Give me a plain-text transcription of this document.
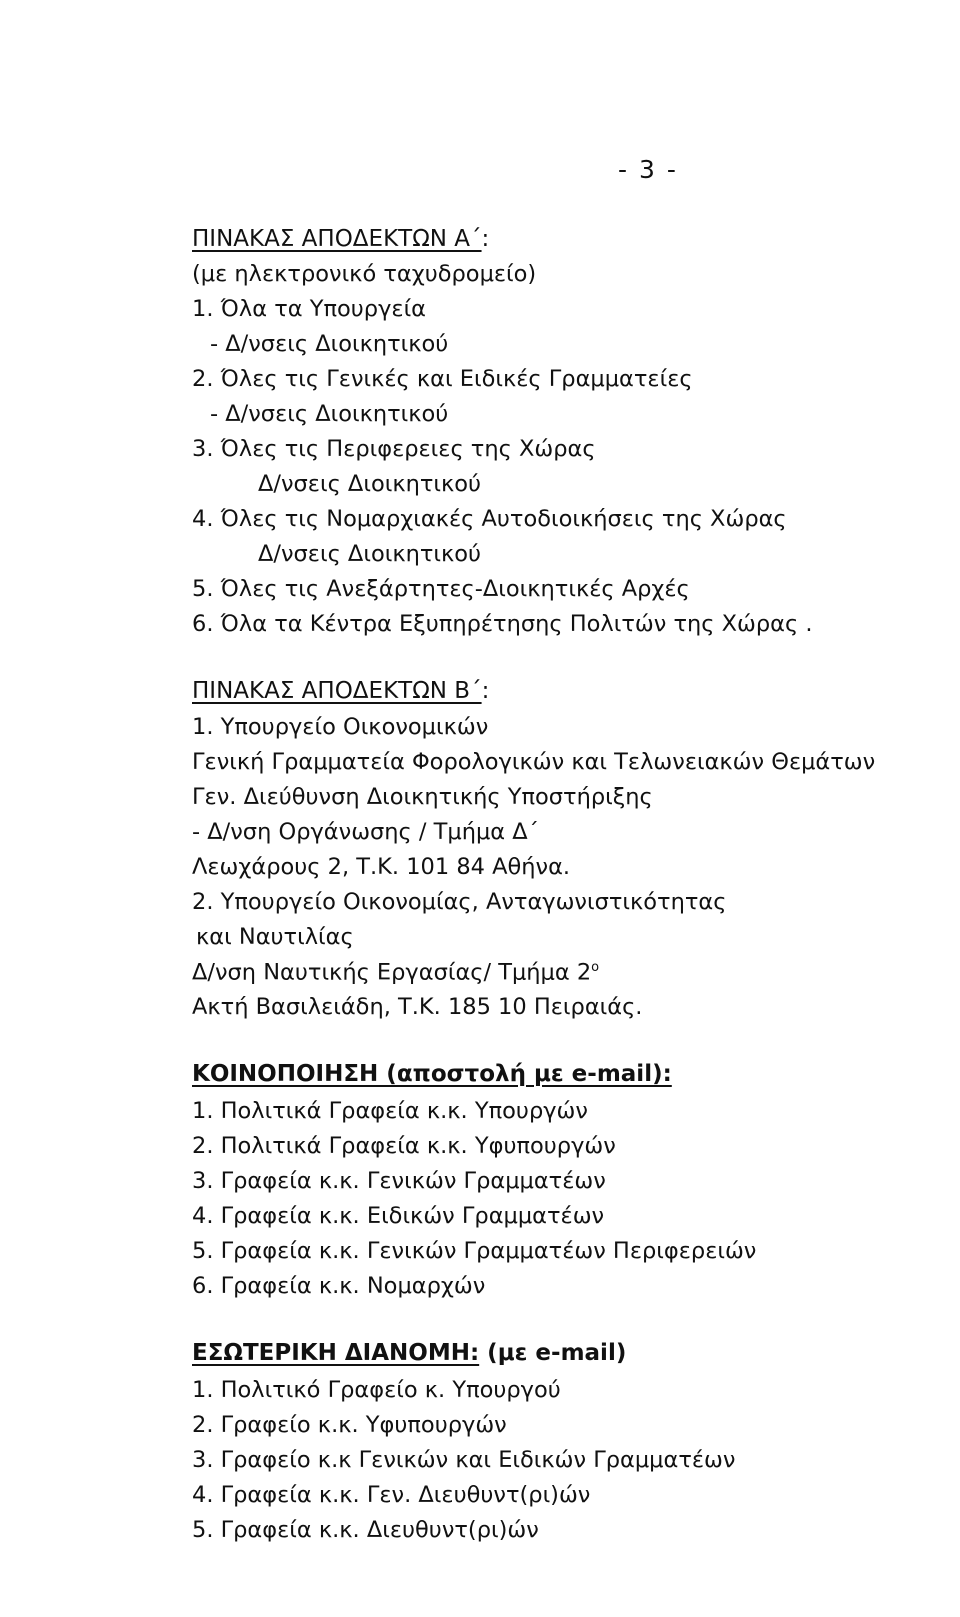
- 3 -
ΠΙΝΑΚΑΣ ΑΠΟΔΕΚΤΩΝ Α΄:
(με ηλεκτρονικό ταχυδρομείο)
1. Όλα τα Υπουργεία
- Δ/νσεις Διοικητικού
2. Όλες τις Γενικές και Ειδικές Γραμματείες
- Δ/νσεις Διοικητικού
3. Όλες τις Περιφερειες της Χώρας
Δ/νσεις Διοικητικού
4. Όλες τις Νομαρχιακές Αυτοδιοικήσεις της Χώρας
Δ/νσεις Διοικητικού
5. Όλες τις Ανεξάρτητες-Διοικητικές Αρχές
6. Όλα τα Κέντρα Εξυπηρέτησης Πολιτών της Χώρας .
ΠΙΝΑΚΑΣ ΑΠΟΔΕΚΤΩΝ Β΄:
1. Υπουργείο Οικονομικών
Γενική Γραμματεία Φορολογικών και Τελωνειακών Θεμάτων
Γεν. Διεύθυνση Διοικητικής Υποστήριξης
- Δ/νση Οργάνωσης / Τμήμα Δ΄
Λεωχάρους 2, Τ.Κ. 101 84 Αθήνα.
2. Υπουργείο Οικονομίας, Ανταγωνιστικότητας
και Ναυτιλίας
Δ/νση Ναυτικής Εργασίας/ Τμήμα $2^o$
Ακτή Βασιλειάδη, Τ.Κ. 185 10 Πειραιάς.
ΚΟΙΝΟΠΟΙΗΣΗ (αποστολή με e-mail):
1. Πολιτικά Γραφεία κ.κ. Υπουργών
2. Πολιτικά Γραφεία κ.κ. Υφυπουργών
3. Γραφεία κ.κ. Γενικών Γραμματέων
4. Γραφεία κ.κ. Ειδικών Γραμματέων
5. Γραφεία κ.κ. Γενικών Γραμματέων Περιφερειών
6. Γραφεία κ.κ. Νομαρχών
ΕΣΩΤΕΡΙΚΗ ΔΙΑΝΟΜΗ: (με e-mail)
1. Πολιτικό Γραφείο κ. Υπουργού
2. Γραφείο κ.κ. Υφυπουργών
3. Γραφείο κ.κ Γενικών και Ειδικών Γραμματέων
4. Γραφεία κ.κ. Γεν. Διευθυντ(ρι)ών
5. Γραφεία κ.κ. Διευθυντ(ρι)ών
